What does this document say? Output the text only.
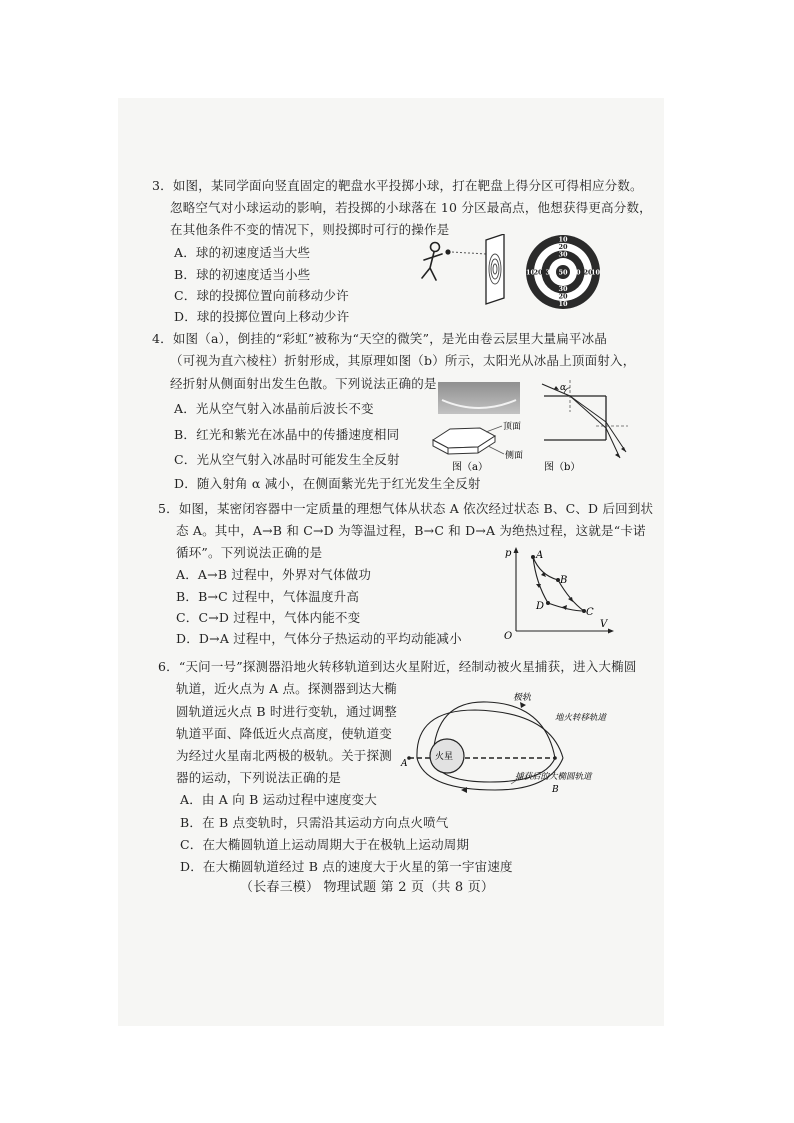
3．如图，某同学面向竖直固定的靶盘水平投掷小球，打在靶盘上得分区可得相应分数。
忽略空气对小球运动的影响，若投掷的小球落在 10 分区最高点，他想获得更高分数，
在其他条件不变的情况下，则投掷时可行的操作是
A．球的初速度适当大些
B．球的初速度适当小些
C．球的投掷位置向前移动少许
D．球的投掷位置向上移动少许
10
20
30
50
30
20
10
10
20 30	30 20
10
4．如图（a），倒挂的“彩虹”被称为“天空的微笑”，是光由卷云层里大量扁平冰晶
（可视为直六棱柱）折射形成，其原理如图（b）所示，太阳光从冰晶上顶面射入，
经折射从侧面射出发生色散。下列说法正确的是
A．光从空气射入冰晶前后波长不变
B．红光和紫光在冰晶中的传播速度相同
C．光从空气射入冰晶时可能发生全反射
D．随入射角 α 减小，在侧面紫光先于红光发生全反射
顶面
侧面
图（a）
α
图（b）
5．如图，某密闭容器中一定质量的理想气体从状态 A 依次经过状态 B、C、D 后回到状
态 A。其中，A→B 和 C→D 为等温过程，B→C 和 D→A 为绝热过程，这就是“卡诺
循环”。下列说法正确的是
A．A→B 过程中，外界对气体做功
B．B→C 过程中，气体温度升高
C．C→D 过程中，气体内能不变
D．D→A 过程中，气体分子热运动的平均动能减小
p
V
O
A
B
C
D
6．“天问一号”探测器沿地火转移轨道到达火星附近，经制动被火星捕获，进入大椭圆
轨道，近火点为 A 点。探测器到达大椭
圆轨道远火点 B 时进行变轨，通过调整
轨道平面、降低近火点高度，使轨道变
为经过火星南北两极的极轨。关于探测
器的运动，下列说法正确的是
A．由 A 向 B 运动过程中速度变大
B．在 B 点变轨时，只需沿其运动方向点火喷气
C．在大椭圆轨道上运动周期大于在极轨上运动周期
D．在大椭圆轨道经过 B 点的速度大于火星的第一宇宙速度
火星
A
B
极轨
地火转移轨道
捕获后的大椭圆轨道
（长春三模） 物理试题 第 2 页（共 8 页）
